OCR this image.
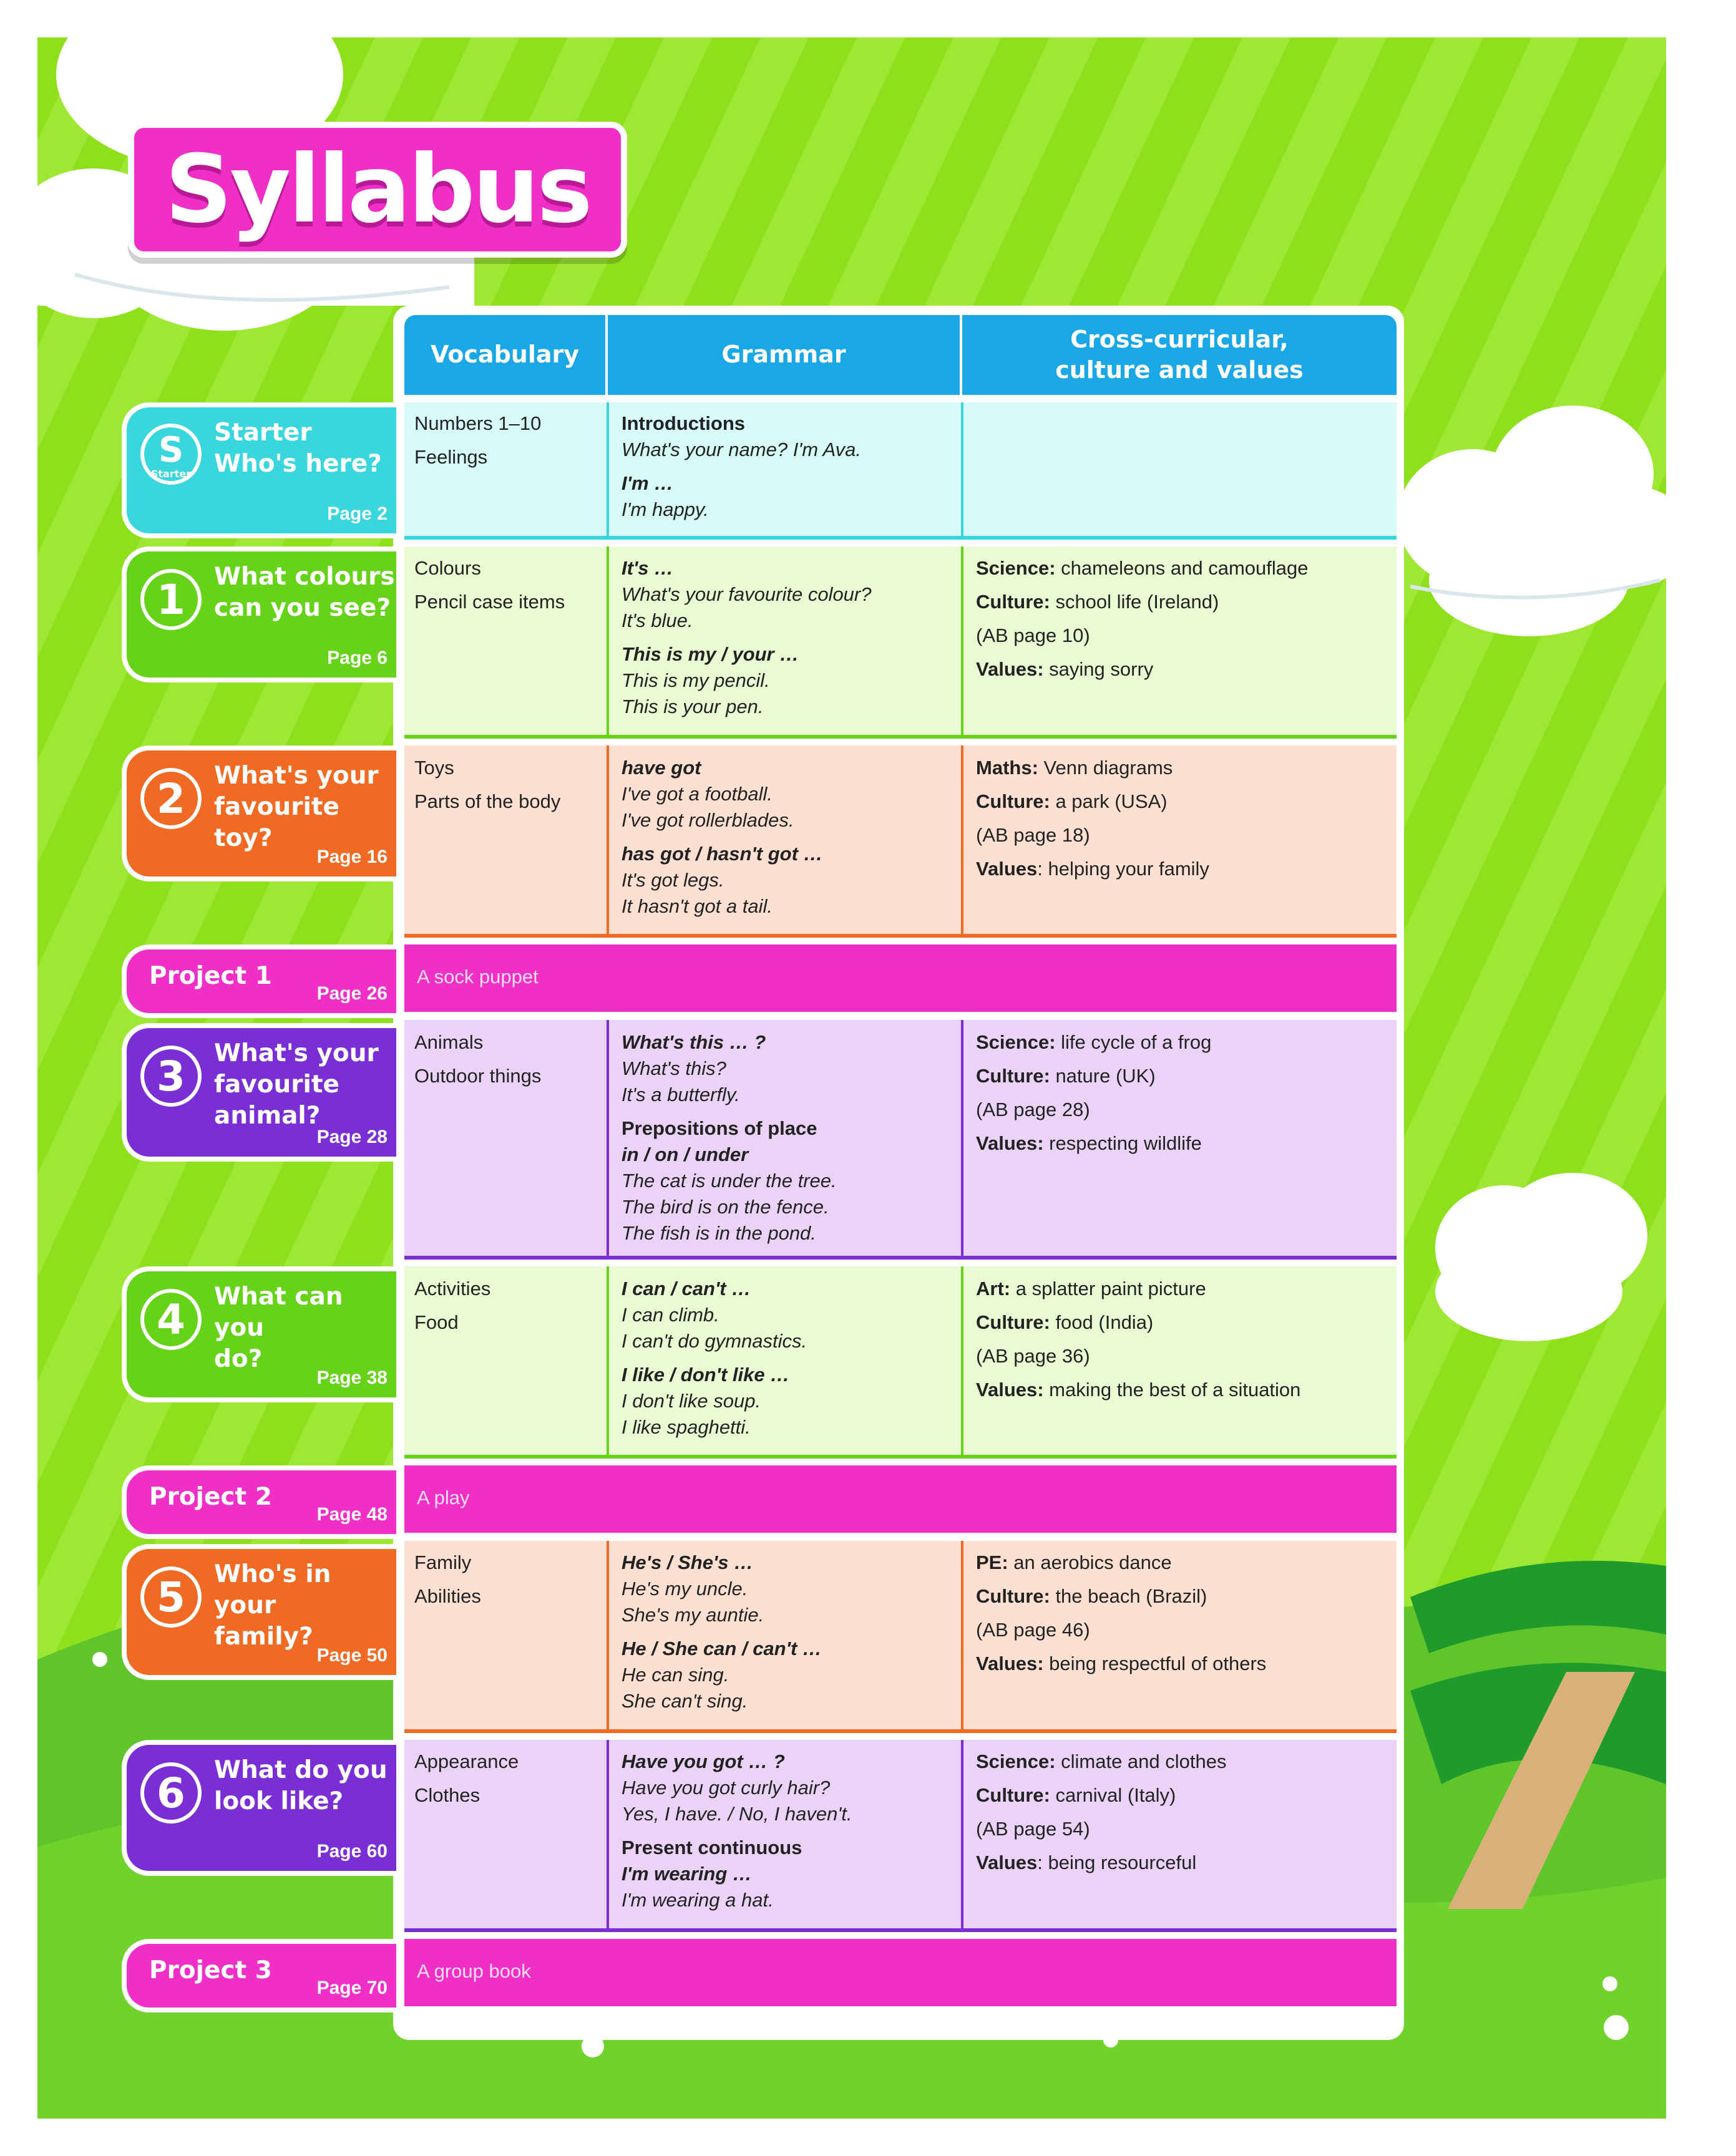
Syllabus
Vocabulary	Grammar
Cross-curricular,
culture and values
Numbers 1–10
Feelings
Introductions
What's your name? I'm Ava.
I'm …
I'm happy.
Colours
Pencil case items
It's …
What's your favourite colour?
It's blue.
This is my / your …
This is my pencil.
This is your pen.
Science: chameleons and camouflage
Culture: school life (Ireland)
(AB page 10)
Values: saying sorry
Toys
Parts of the body
have got
I've got a football.
I've got rollerblades.
has got / hasn't got …
It's got legs.
It hasn't got a tail.
Maths: Venn diagrams
Culture: a park (USA)
(AB page 18)
Values: helping your family
A sock puppet
Animals
Outdoor things
What's this … ?
What's this?
It's a butterfly.
Prepositions of place
in / on / under
The cat is under the tree.
The bird is on the fence.
The fish is in the pond.
Science: life cycle of a frog
Culture: nature (UK)
(AB page 28)
Values: respecting wildlife
Activities
Food
I can / can't …
I can climb.
I can't do gymnastics.
I like / don't like …
I don't like soup.
I like spaghetti.
Art: a splatter paint picture
Culture: food (India)
(AB page 36)
Values: making the best of a situation
A play
Family
Abilities
He's / She's …
He's my uncle.
She's my auntie.
He / She can / can't …
He can sing.
She can't sing.
PE: an aerobics dance
Culture: the beach (Brazil)
(AB page 46)
Values: being respectful of others
Appearance
Clothes
Have you got … ?
Have you got curly hair?
Yes, I have. / No, I haven't.
Present continuous
I'm wearing …
I'm wearing a hat.
Science: climate and clothes
Culture: carnival (Italy)
(AB page 54)
Values: being resourceful
A group book
S
Starter
Starter
Who's here?
Page 2
1 What colours
can you see?
Page 6
2 What's your
favourite toy?
Page 16
Project 1
Page 26
3 What's your
favourite
animal?
Page 28
4 What can you
do?
Page 38
Project 2
Page 48
5 Who's in your
family?
Page 50
6 What do you
look like?
Page 60
Project 3
Page 70
